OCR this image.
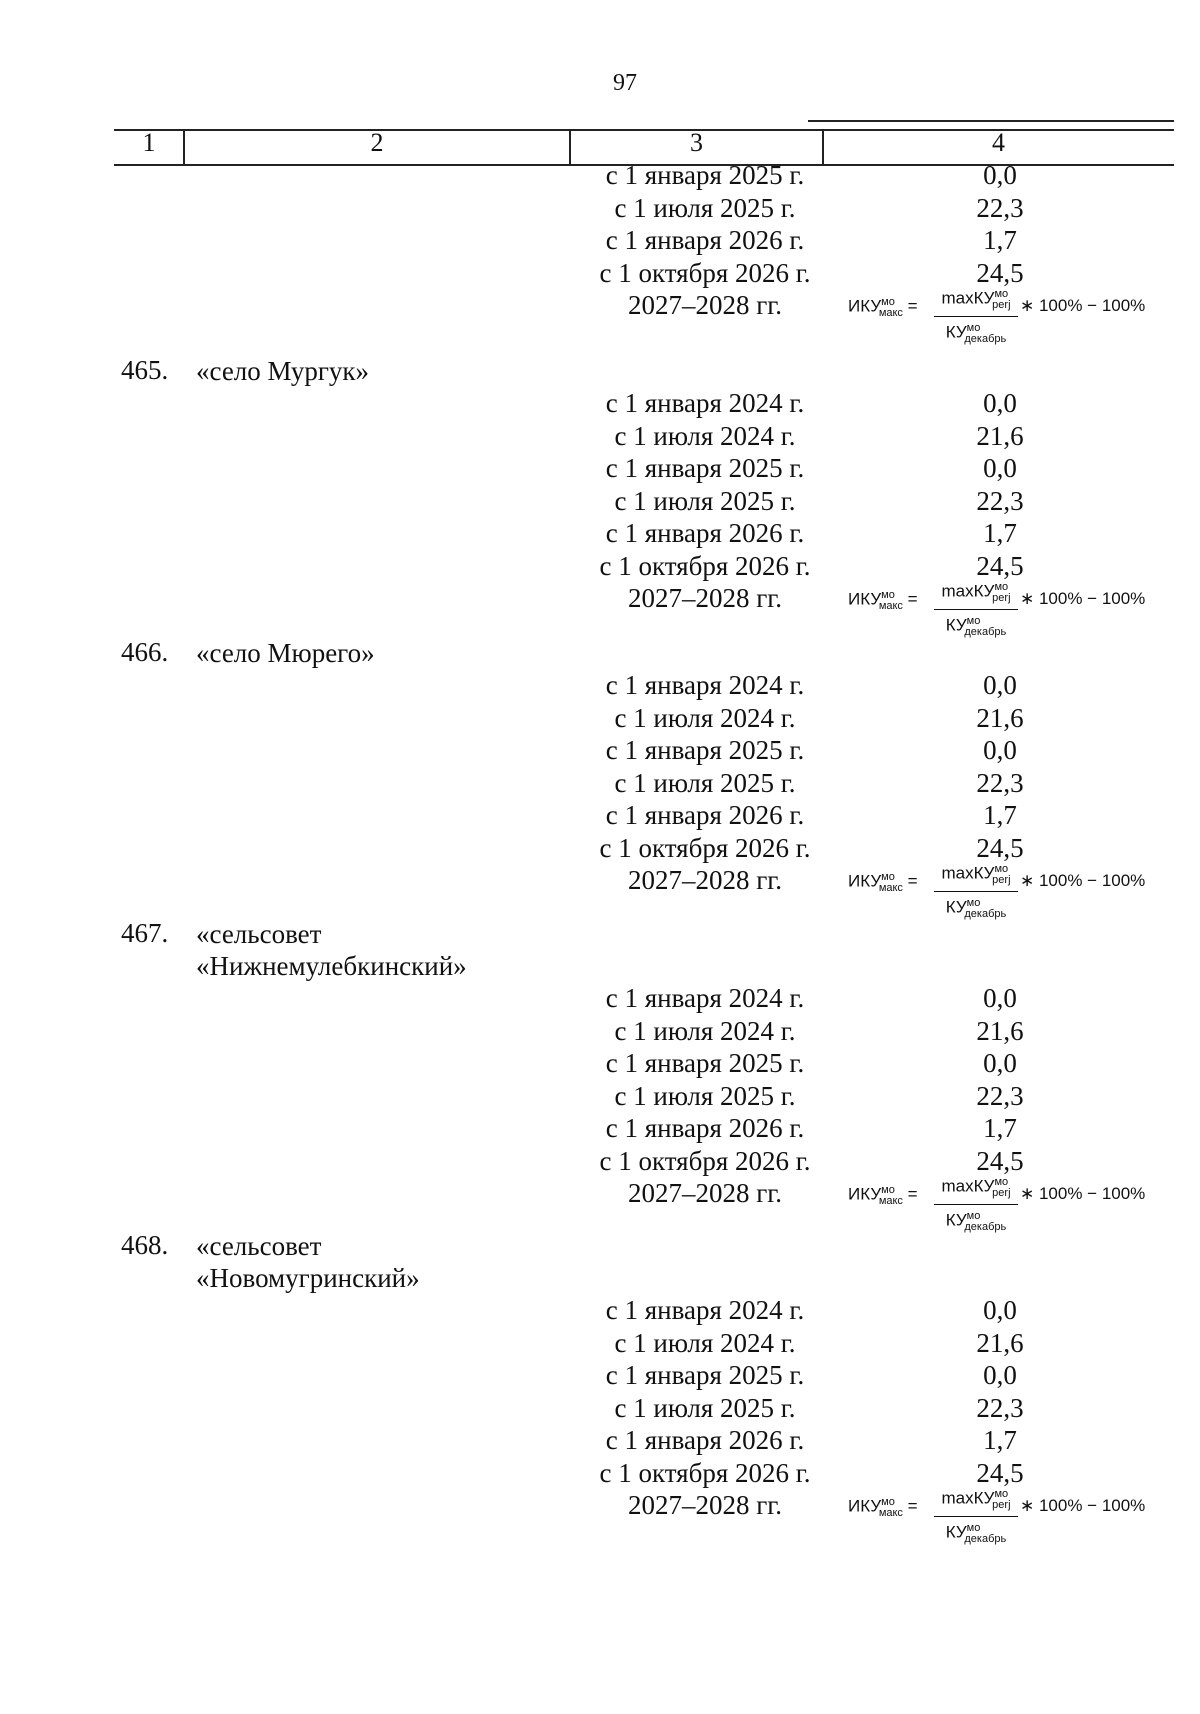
97
1	2	3	4
с 1 января 2025 г.	0,0
с 1 июля 2025 г.	22,3
с 1 января 2026 г.	1,7
с 1 октября 2026 г.	24,5
2027–2028 гг.	$ИКУ^{мо}_{макс}$ =	maxКУ$^{мо}_{perj}$
$КУ^{мо}_{декабрь}$
∗ 100% − 100%
465. «село Мургук»
с 1 января 2024 г.	0,0
с 1 июля 2024 г.	21,6
с 1 января 2025 г.	0,0
с 1 июля 2025 г.	22,3
с 1 января 2026 г.	1,7
с 1 октября 2026 г.	24,5
2027–2028 гг.	$ИКУ^{мо}_{макс}$ =	maxКУ$^{мо}_{perj}$
$КУ^{мо}_{декабрь}$
∗ 100% − 100%
466. «село Мюрего»
с 1 января 2024 г.	0,0
с 1 июля 2024 г.	21,6
с 1 января 2025 г.	0,0
с 1 июля 2025 г.	22,3
с 1 января 2026 г.	1,7
с 1 октября 2026 г.	24,5
2027–2028 гг.	$ИКУ^{мо}_{макс}$ =	maxКУ$^{мо}_{perj}$
$КУ^{мо}_{декабрь}$
∗ 100% − 100%
467. «сельсовет
«Нижнемулебкинский»
с 1 января 2024 г.	0,0
с 1 июля 2024 г.	21,6
с 1 января 2025 г.	0,0
с 1 июля 2025 г.	22,3
с 1 января 2026 г.	1,7
с 1 октября 2026 г.	24,5
2027–2028 гг.	$ИКУ^{мо}_{макс}$ =	maxКУ$^{мо}_{perj}$
$КУ^{мо}_{декабрь}$
∗ 100% − 100%
468. «сельсовет
«Новомугринский»
с 1 января 2024 г.	0,0
с 1 июля 2024 г.	21,6
с 1 января 2025 г.	0,0
с 1 июля 2025 г.	22,3
с 1 января 2026 г.	1,7
с 1 октября 2026 г.	24,5
2027–2028 гг.	$ИКУ^{мо}_{макс}$ =	maxКУ$^{мо}_{perj}$
$КУ^{мо}_{декабрь}$
∗ 100% − 100%
